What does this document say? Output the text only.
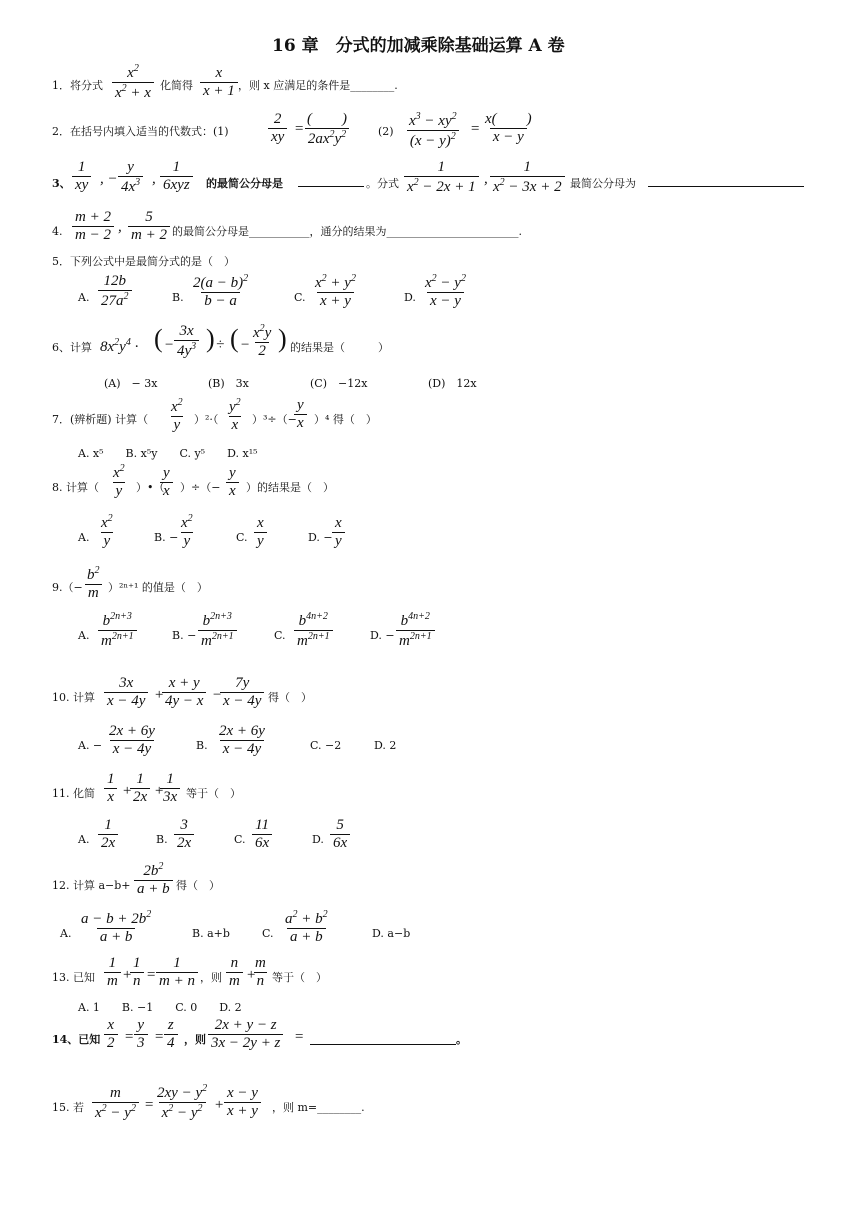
16 章　分式的加减乘除基础运算 A 卷
1．将分式
$x^2$
$x^2 + x$ 化简得
x
x + 1 ，则 x 应满足的条件是________.
2．在括号内填入适当的代数式：(1)
2
xy =
(　　)
$2ax^2y^2$	(2)
$x^3 - xy^2$
$(x - y)^2$ =
x(　　)
x − y
3、
1
xy , −
y
$4x^3$ ,
1
6xyz 的最简公分母是	。分式
1
$x^2 - 2x + 1$ ,
1
$x^2 - 3x + 2$ 最简公分母为
4.
m + 2
m − 2 ,
5
m + 2 的最简公分母是___________，通分的结果为________________________.
5．下列公式中是最简分式的是（　）
A.
12b
$27a^2$	B.
$2(a - b)^2$
b − a	C.
$x^2 + y^2$
x + y	D.
$x^2 - y^2$
x − y
6、计算 $8x^2y^4$ · ( −
3x
$4y^3$ ) ÷ ( −
$x^2y$
2 ) 的结果是（　　　）
(A)　− 3x	(B)　3x	(C)　−12x	(D)　12x
7．(辨析题) 计算（
$x^2$
y ）²·（
$y^2$
x ）³÷（−
y
x ）⁴ 得（　）
A. x⁵　　B. x⁵y　　C. y⁵　　D. x¹⁵
8. 计算（
$x^2$
y ）•（
y
x ）÷（−
y
x ）的结果是（　）
A.
$x^2$
y	B. −
$x^2$
y	C.
x
y	D. −
x
y
9.（−
$b^2$
m ）²ⁿ⁺¹ 的值是（　）
A.
$b^{2n+3}$
$m^{2n+1}$	B. −
$b^{2n+3}$
$m^{2n+1}$	C.
$b^{4n+2}$
$m^{2n+1}$	D. −
$b^{4n+2}$
$m^{2n+1}$
10. 计算
3x
x − 4y +
x + y
4y − x −
7y
x − 4y 得（　）
A. −
2x + 6y
x − 4y	B.
2x + 6y
x − 4y	C. −2	D. 2
11. 化简
1
x +
1
2x +
1
3x 等于（　）
A.
1
2x	B.
3
2x	C.
11
6x	D.
5
6x
12. 计算 a−b+
$2b^2$
a + b 得（　）
A.
$a - b + 2b^2$
a + b	B. a+b	C.
$a^2 + b^2$
a + b	D. a−b
13. 已知
1
m +
1
n =
1
m + n ，则
n
m +
m
n 等于（　）
A. 1　　B. −1　　C. 0　　D. 2
14、已知
x
2 =
y
3 =
z
4 ，则
2x + y − z
3x − 2y + z =	。
15. 若
m
$x^2 - y^2$ =
$2xy - y^2$
$x^2 - y^2$ +
x − y
x + y ，则 m=________.
